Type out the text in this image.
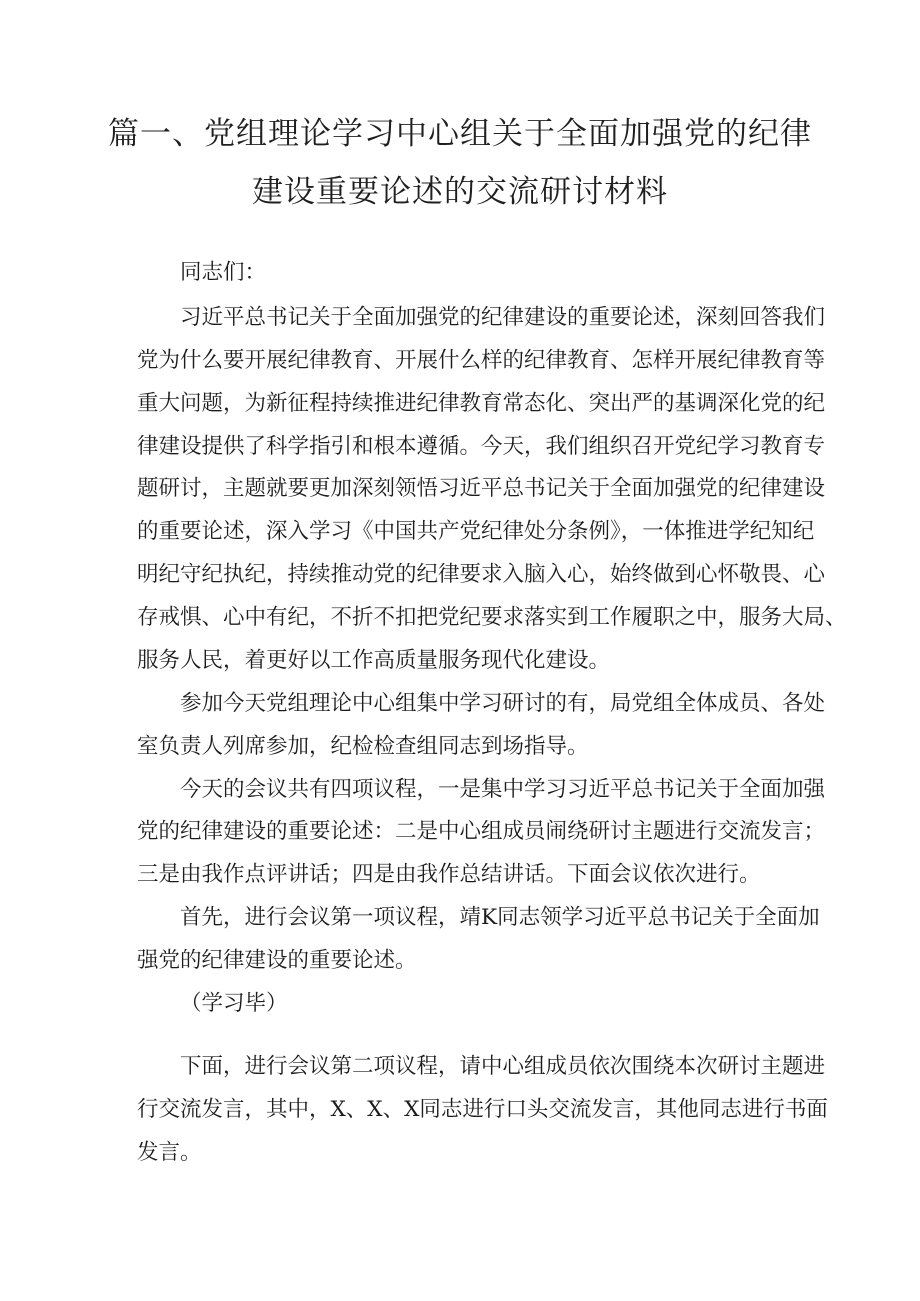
篇一、党组理论学习中心组关于全面加强党的纪律
建设重要论述的交流研讨材料
同志们：
习近平总书记关于全面加强党的纪律建设的重要论述，深刻回答我们
党为什么要开展纪律教育、开展什么样的纪律教育、怎样开展纪律教育等
重大问题，为新征程持续推进纪律教育常态化、突出严的基调深化党的纪
律建设提供了科学指引和根本遵循。今天，我们组织召开党纪学习教育专
题研讨，主题就要更加深刻领悟习近平总书记关于全面加强党的纪律建设
的重要论述，深入学习《中国共产党纪律处分条例》，一体推进学纪知纪
明纪守纪执纪，持续推动党的纪律要求入脑入心，始终做到心怀敬畏、心
存戒惧、心中有纪，不折不扣把党纪要求落实到工作履职之中，服务大局、
服务人民，着更好以工作高质量服务现代化建设。
参加今天党组理论中心组集中学习研讨的有，局党组全体成员、各处
室负责人列席参加，纪检检查组同志到场指导。
今天的会议共有四项议程，一是集中学习习近平总书记关于全面加强
党的纪律建设的重要论述：二是中心组成员闹绕研讨主题进行交流发言；
三是由我作点评讲话；四是由我作总结讲话。下面会议依次进行。
首先，进行会议第一项议程，靖K同志领学习近平总书记关于全面加
强党的纪律建设的重要论述。
（学习毕）
下面，进行会议第二项议程，请中心组成员依次围绕本次研讨主题进
行交流发言，其中，X、X、X同志进行口头交流发言，其他同志进行书面
发言。
